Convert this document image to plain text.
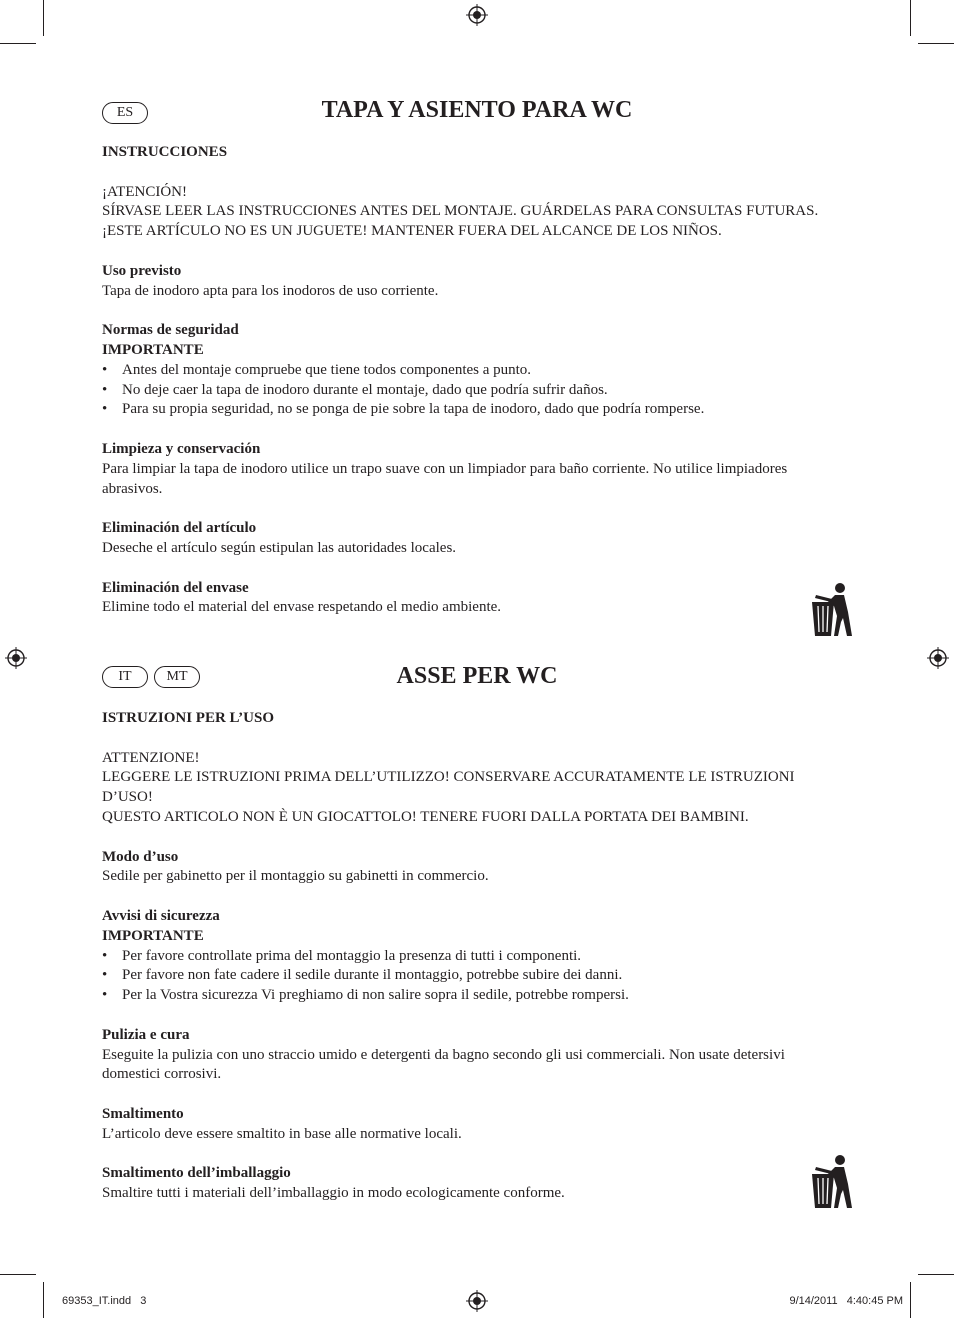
ES	TAPA Y ASIENTO PARA WC

INSTRUCCIONES

¡ATENCIÓN!

SÍRVASE LEER LAS INSTRUCCIONES ANTES DEL MONTAJE. GUÁRDELAS PARA CONSULTAS FUTURAS.

¡ESTE ARTÍCULO NO ES UN JUGUETE! MANTENER FUERA DEL ALCANCE DE LOS NIÑOS.

Uso previsto

Tapa de inodoro apta para los inodoros de uso corriente.

Normas de seguridad

IMPORTANTE

• Antes del montaje compruebe que tiene todos componentes a punto.
• No deje caer la tapa de inodoro durante el montaje, dado que podría sufrir daños.
• Para su propia seguridad, no se ponga de pie sobre la tapa de inodoro, dado que podría romperse.

Limpieza y conservación

Para limpiar la tapa de inodoro utilice un trapo suave con un limpiador para baño corriente. No utilice limpiadores abrasivos.

Eliminación del artículo

Deseche el artículo según estipulan las autoridades locales.

Eliminación del envase

Elimine todo el material del envase respetando el medio ambiente.

IT	MT	ASSE PER WC

ISTRUZIONI PER L’USO

ATTENZIONE!

LEGGERE LE ISTRUZIONI PRIMA DELL’UTILIZZO! CONSERVARE ACCURATAMENTE LE ISTRUZIONI D’USO!

QUESTO ARTICOLO NON È UN GIOCATTOLO! TENERE FUORI DALLA PORTATA DEI BAMBINI.

Modo d’uso

Sedile per gabinetto per il montaggio su gabinetti in commercio.

Avvisi di sicurezza

IMPORTANTE

• Per favore controllate prima del montaggio la presenza di tutti i componenti.
• Per favore non fate cadere il sedile durante il montaggio, potrebbe subire dei danni.
• Per la Vostra sicurezza Vi preghiamo di non salire sopra il sedile, potrebbe rompersi.

Pulizia e cura

Eseguite la pulizia con uno straccio umido e detergenti da bagno secondo gli usi commerciali. Non usate detersivi domestici corrosivi.

Smaltimento

L’articolo deve essere smaltito in base alle normative locali.

Smaltimento dell’imballaggio

Smaltire tutti i materiali dell’imballaggio in modo ecologicamente conforme.

69353_IT.indd   3	9/14/2011   4:40:45 PM
